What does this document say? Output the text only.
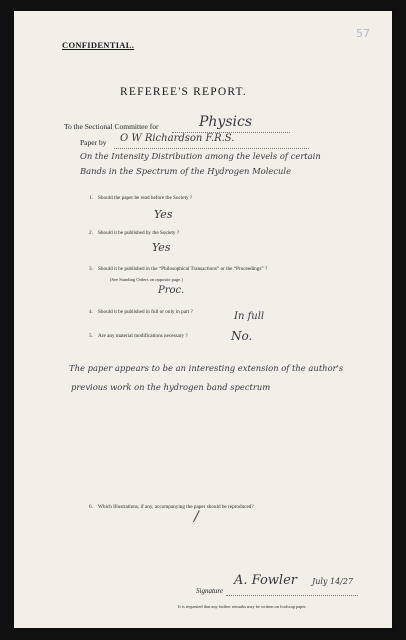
57
CONFIDENTIAL.
REFEREE'S REPORT.
To the Sectional Committee for	Physics
Paper by O W Richardson F.R.S.
On the Intensity Distribution among the levels of certain
Bands in the Spectrum of the Hydrogen Molecule
1. Should the paper be read before the Society ?
Yes
2. Should it be published by the Society ?
Yes
3. Should it be published in the “Philosophical Transactions” or the “Proceedings” ?
(See Standing Orders on opposite page.)
Proc.
4. Should it be published in full or only in part ?	In full
5. Are any material modifications necessary ?	No.
The paper appears to be an interesting extension of the author's
previous work on the hydrogen band spectrum
6. Which Illustrations, if any, accompanying the paper should be reproduced?
/
Signature
A. Fowler July 14/27
It is requested that any further remarks may be written on foolscap paper.
